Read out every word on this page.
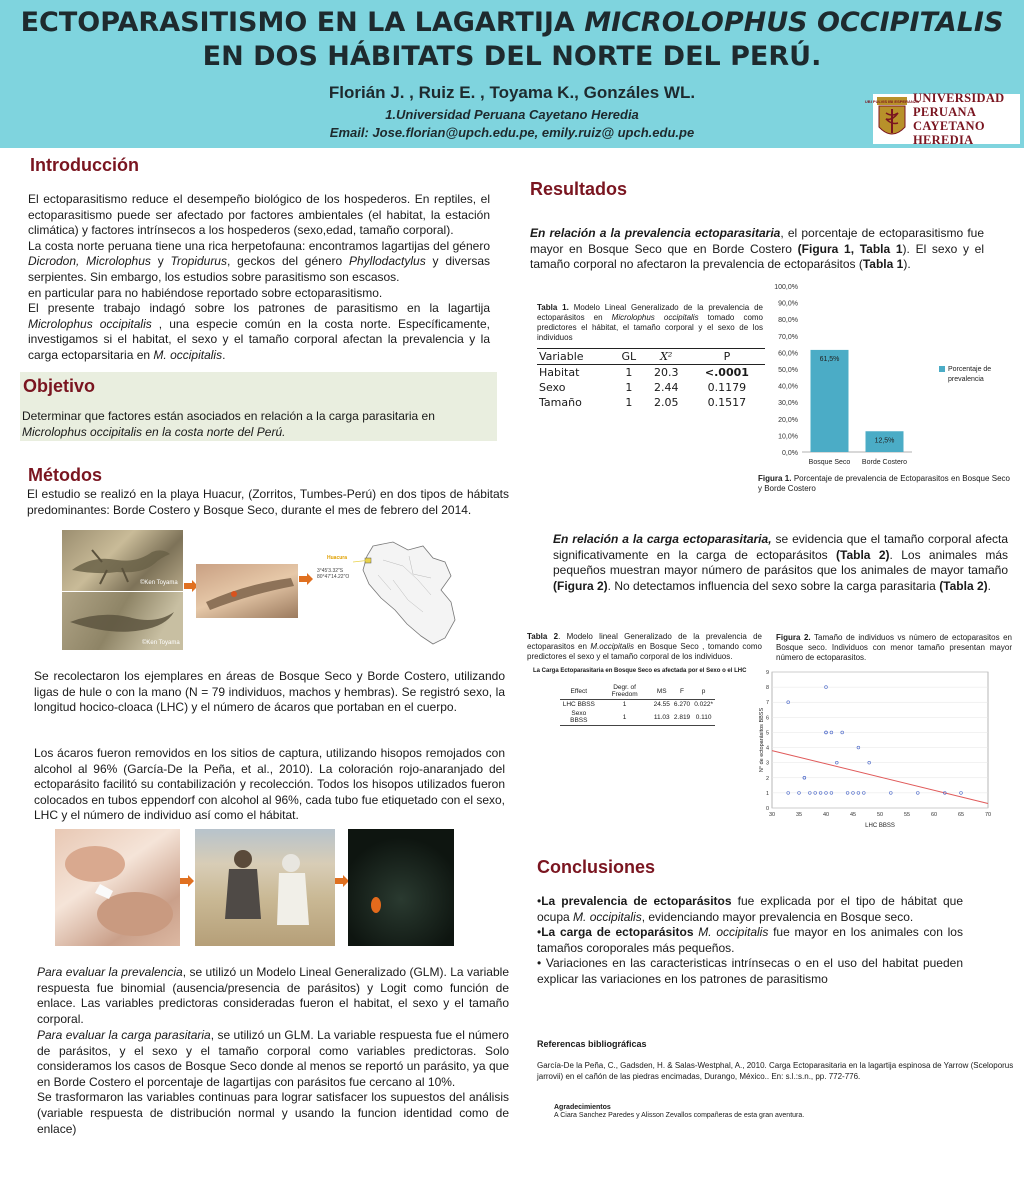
ECTOPARASITISMO EN LA LAGARTIJA MICROLOPHUS OCCIPITALIS EN DOS HÁBITATS DEL NORTE DEL PERÚ.
Florián J. , Ruiz E. , Toyama K., Gonzáles WL.
1.Universidad Peruana Cayetano Heredia
Email: Jose.florian@upch.edu.pe, emily.ruiz@ upch.edu.pe
UBI PULVIS IBI ESPERANZA
UNIVERSIDAD PERUANA
CAYETANO HEREDIA
Introducción

El ectoparasitismo reduce el desempeño biológico de los hospederos. En reptiles, el ectoparasitismo puede ser afectado por factores ambientales (el habitat, la estación climática) y factores intrínsecos a los hospederos (sexo,edad, tamaño corporal).

La costa norte peruana tiene una rica herpetofauna: encontramos lagartijas del género Dicrodon, Microlophus y Tropidurus, geckos del género Phyllodactylus y diversas serpientes. Sin embargo, los estudios sobre parasitismo son escasos.

en particular para no habiéndose reportado sobre ectoparasitismo.

El presente trabajo indagó sobre los patrones de parasitismo en la lagartija Microlophus occipitalis , una especie común en la costa norte. Específicamente, investigamos si el habitat, el sexo y el tamaño corporal afectan la prevalencia y la carga ectoparsitaria en M. occipitalis.

Objetivo
Determinar que factores están asociados en relación a la carga parasitaria en Microlophus occipitalis en la costa norte del Perú.
Métodos
El estudio se realizó en la playa Huacur, (Zorritos, Tumbes-Perú) en dos tipos de hábitats predominantes: Borde Costero y Bosque Seco, durante el mes de febrero del 2014.
©Ken Toyama
©Ken Toyama
Huacura
3°45'3.32"S 80°47'14.22"O
Se recolectaron los ejemplares en áreas de Bosque Seco y Borde Costero, utilizando ligas de hule o con la mano (N = 79 individuos, machos y hembras). Se registró sexo, la longitud hocico-cloaca (LHC) y el número de ácaros que portaban en el cuerpo.
Los ácaros fueron removidos en los sitios de captura, utilizando hisopos remojados con alcohol al 96% (García-De la Peña, et al., 2010). La coloración rojo-anaranjado del ectoparásito facilitó su contabilización y recolección. Todos los hisopos utilizados fueron colocados en tubos eppendorf con alcohol al 96%, cada tubo fue etiquetado con el sexo, LHC y el número de individuo así como el hábitat.
Para evaluar la prevalencia, se utilizó un Modelo Lineal Generalizado (GLM). La variable respuesta fue binomial (ausencia/presencia de parásitos) y Logit como función de enlace. Las variables predictoras consideradas fueron el habitat, el sexo y el tamaño corporal.
Para evaluar la carga parasitaria, se utilizó un GLM. La variable respuesta fue el número de parásitos, y el sexo y el tamaño corporal como variables predictoras. Solo consideramos los casos de Bosque Seco donde al menos se reportó un parásito, ya que en Borde Costero el porcentaje de lagartijas con parásitos fue cercano al 10%.
Se trasformaron las variables continuas para lograr satisfacer los supuestos del análisis (variable respuesta de distribución normal y usando la funcion identidad como de enlace)
Resultados
En relación a la prevalencia ectoparasitaria, el porcentaje de ectoparasitismo fue mayor en Bosque Seco que en Borde Costero (Figura 1, Tabla 1). El sexo y el tamaño corporal no afectaron la prevalencia de ectoparásitos (Tabla 1).
Tabla 1. Modelo Lineal Generalizado de la prevalencia de ectoparásitos en Microlophus occipitalis tomado como predictores el hábitat, el tamaño corporal y el sexo de los individuos
Variable	GL	X²	P
Habitat	1	20.3	<.0001
Sexo	1	2.44	0.1179
Tamaño	1	2.05	0.1517
0,0%
10,0%
20,0%
30,0%
40,0%
50,0%
60,0%
70,0%
80,0%
90,0%
100,0%
61,5%
Bosque Seco
12,5%
Borde Costero
Porcentaje de prevalencia
Figura 1. Porcentaje de prevalencia de Ectoparasitos en Bosque Seco y Borde Costero
En relación a la carga ectoparasitaria, se evidencia que el tamaño corporal afecta significativamente en la carga de ectoparásitos (Tabla 2). Los animales más pequeños muestran mayor número de parásitos que los animales de mayor tamaño (Figura 2). No detectamos influencia del sexo sobre la carga parasitaria (Tabla 2).
Tabla 2. Modelo lineal Generalizado de la prevalencia de ectoparasitos en M.occipitalis en Bosque Seco , tomando como predictores el sexo y el tamaño corporal de los individuos.
La Carga Ectoparasitaria en Bosque Seco es afectada por el Sexo o el LHC
Effect	Degr. of Freedom	MS	F	p
LHC BBSS	1	24.55	6.270	0.022*
Sexo BBSS	1	11.03	2.819	0.110
Figura 2. Tamaño de individuos vs número de ectoparasitos en Bosque seco. Individuos con menor tamaño presentan mayor número de ectoparasitos.
0
1
2
3
4
5
6
7
8
9
30	35	40	45	50	55	60	65	70
LHC BBSS
N° de ectoparásitos BBSS
Conclusiones

•La prevalencia de ectoparásitos fue explicada por el tipo de hábitat que ocupa M. occipitalis, evidenciando mayor prevalencia en Bosque seco.

•La carga de ectoparásitos M. occipitalis fue mayor en los animales con los tamaños coroporales más pequeños.

• Variaciones en las caracteristicas intrínsecas o en el uso del habitat pueden explicar las variaciones en los patrones de parasitismo

Referencas bibliográficas
García-De la Peña, C., Gadsden, H. & Salas-Westphal, A., 2010. Carga Ectoparasitaria en la lagartija espinosa de Yarrow (Sceloporus jarrovii) en el cañón de las piedras encimadas, Durango, México.. En: s.l.:s.n., pp. 772-776.
Agradecimientos
A Ciara Sanchez Paredes y Alisson Zevallos compañeras de esta gran aventura.
